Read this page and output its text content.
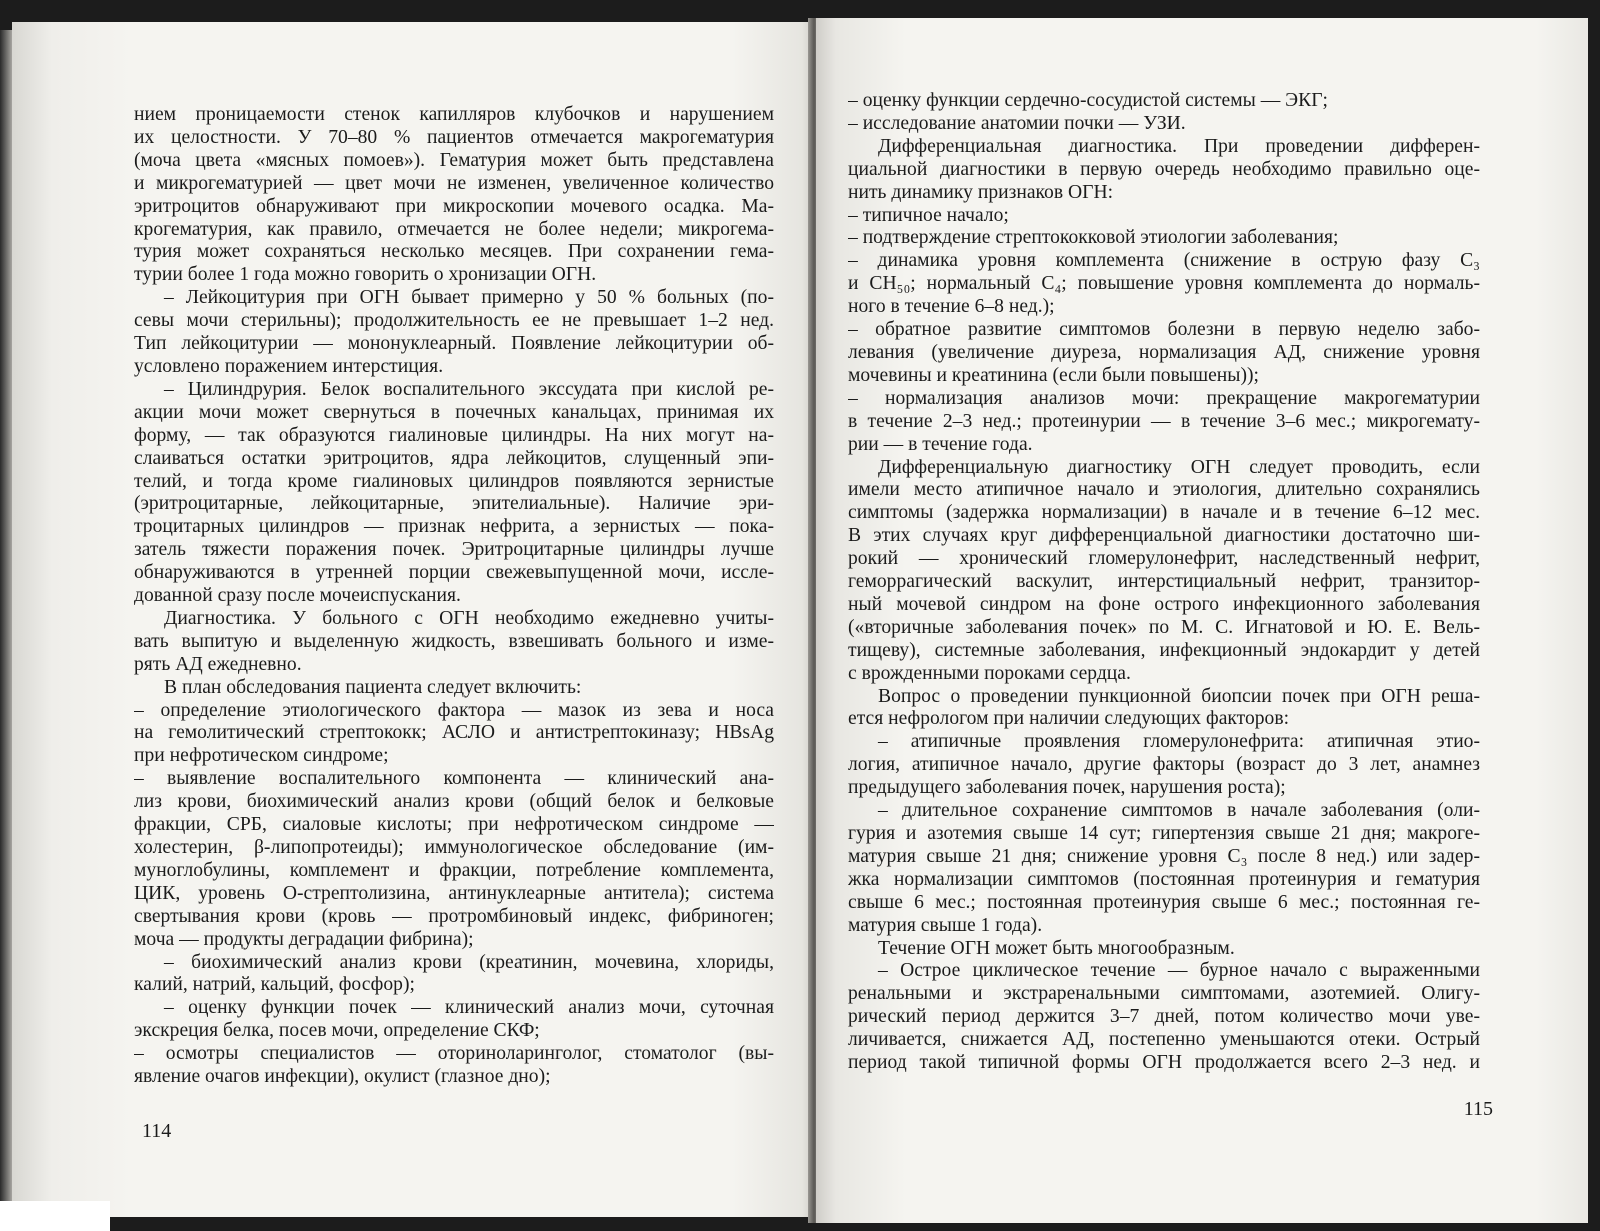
нием проницаемости стенок капилляров клубочков и нарушением

их целостности. У 70–80 % пациентов отмечается макрогематурия

(моча цвета «мясных помоев»). Гематурия может быть представлена

и микрогематурией — цвет мочи не изменен, увеличенное количество

эритроцитов обнаруживают при микроскопии мочевого осадка. Ма-

крогематурия, как правило, отмечается не более недели; микрогема-

турия может сохраняться несколько месяцев. При сохранении гема-

турии более 1 года можно говорить о хронизации ОГН.

– Лейкоцитурия при ОГН бывает примерно у 50 % больных (по-

севы мочи стерильны); продолжительность ее не превышает 1–2 нед.

Тип лейкоцитурии — мононуклеарный. Появление лейкоцитурии об-

условлено поражением интерстиция.

– Цилиндрурия. Белок воспалительного экссудата при кислой ре-

акции мочи может свернуться в почечных канальцах, принимая их

форму, — так образуются гиалиновые цилиндры. На них могут на-

слаиваться остатки эритроцитов, ядра лейкоцитов, слущенный эпи-

телий, и тогда кроме гиалиновых цилиндров появляются зернистые

(эритроцитарные, лейкоцитарные, эпителиальные). Наличие эри-

троцитарных цилиндров — признак нефрита, а зернистых — пока-

затель тяжести поражения почек. Эритроцитарные цилиндры лучше

обнаруживаются в утренней порции свежевыпущенной мочи, иссле-

дованной сразу после мочеиспускания.

Диагностика. У больного с ОГН необходимо ежедневно учиты-

вать выпитую и выделенную жидкость, взвешивать больного и изме-

рять АД ежедневно.

В план обследования пациента следует включить:

– определение этиологического фактора — мазок из зева и носа

на гемолитический стрептококк; АСЛО и антистрептокиназу; HBsAg

при нефротическом синдроме;

– выявление воспалительного компонента — клинический ана-

лиз крови, биохимический анализ крови (общий белок и белковые

фракции, СРБ, сиаловые кислоты; при нефротическом синдроме —

холестерин, β-липопротеиды); иммунологическое обследование (им-

муноглобулины, комплемент и фракции, потребление комплемента,

ЦИК, уровень О-стрептолизина, антинуклеарные антитела); система

свертывания крови (кровь — протромбиновый индекс, фибриноген;

моча — продукты деградации фибрина);

– биохимический анализ крови (креатинин, мочевина, хлориды,

калий, натрий, кальций, фосфор);

– оценку функции почек — клинический анализ мочи, суточная

экскреция белка, посев мочи, определение СКФ;

– осмотры специалистов — оториноларинголог, стоматолог (вы-

явление очагов инфекции), окулист (глазное дно);

114

– оценку функции сердечно-сосудистой системы — ЭКГ;

– исследование анатомии почки — УЗИ.

Дифференциальная диагностика. При проведении дифферен-

циальной диагностики в первую очередь необходимо правильно оце-

нить динамику признаков ОГН:

– типичное начало;

– подтверждение стрептококковой этиологии заболевания;

– динамика уровня комплемента (снижение в острую фазу С₃

и CH₅₀; нормальный С₄; повышение уровня комплемента до нормаль-

ного в течение 6–8 нед.);

– обратное развитие симптомов болезни в первую неделю забо-

левания (увеличение диуреза, нормализация АД, снижение уровня

мочевины и креатинина (если были повышены));

– нормализация анализов мочи: прекращение макрогематурии

в течение 2–3 нед.; протеинурии — в течение 3–6 мес.; микрогемату-

рии — в течение года.

Дифференциальную диагностику ОГН следует проводить, если

имели место атипичное начало и этиология, длительно сохранялись

симптомы (задержка нормализации) в начале и в течение 6–12 мес.

В этих случаях круг дифференциальной диагностики достаточно ши-

рокий — хронический гломерулонефрит, наследственный нефрит,

геморрагический васкулит, интерстициальный нефрит, транзитор-

ный мочевой синдром на фоне острого инфекционного заболевания

(«вторичные заболевания почек» по М. С. Игнатовой и Ю. Е. Вель-

тищеву), системные заболевания, инфекционный эндокардит у детей

с врожденными пороками сердца.

Вопрос о проведении пункционной биопсии почек при ОГН реша-

ется нефрологом при наличии следующих факторов:

– атипичные проявления гломерулонефрита: атипичная этио-

логия, атипичное начало, другие факторы (возраст до 3 лет, анамнез

предыдущего заболевания почек, нарушения роста);

– длительное сохранение симптомов в начале заболевания (оли-

гурия и азотемия свыше 14 сут; гипертензия свыше 21 дня; макроге-

матурия свыше 21 дня; снижение уровня С₃ после 8 нед.) или задер-

жка нормализации симптомов (постоянная протеинурия и гематурия

свыше 6 мес.; постоянная протеинурия свыше 6 мес.; постоянная ге-

матурия свыше 1 года).

Течение ОГН может быть многообразным.

– Острое циклическое течение — бурное начало с выраженными

ренальными и экстраренальными симптомами, азотемией. Олигу-

рический период держится 3–7 дней, потом количество мочи уве-

личивается, снижается АД, постепенно уменьшаются отеки. Острый

период такой типичной формы ОГН продолжается всего 2–3 нед. и

115
